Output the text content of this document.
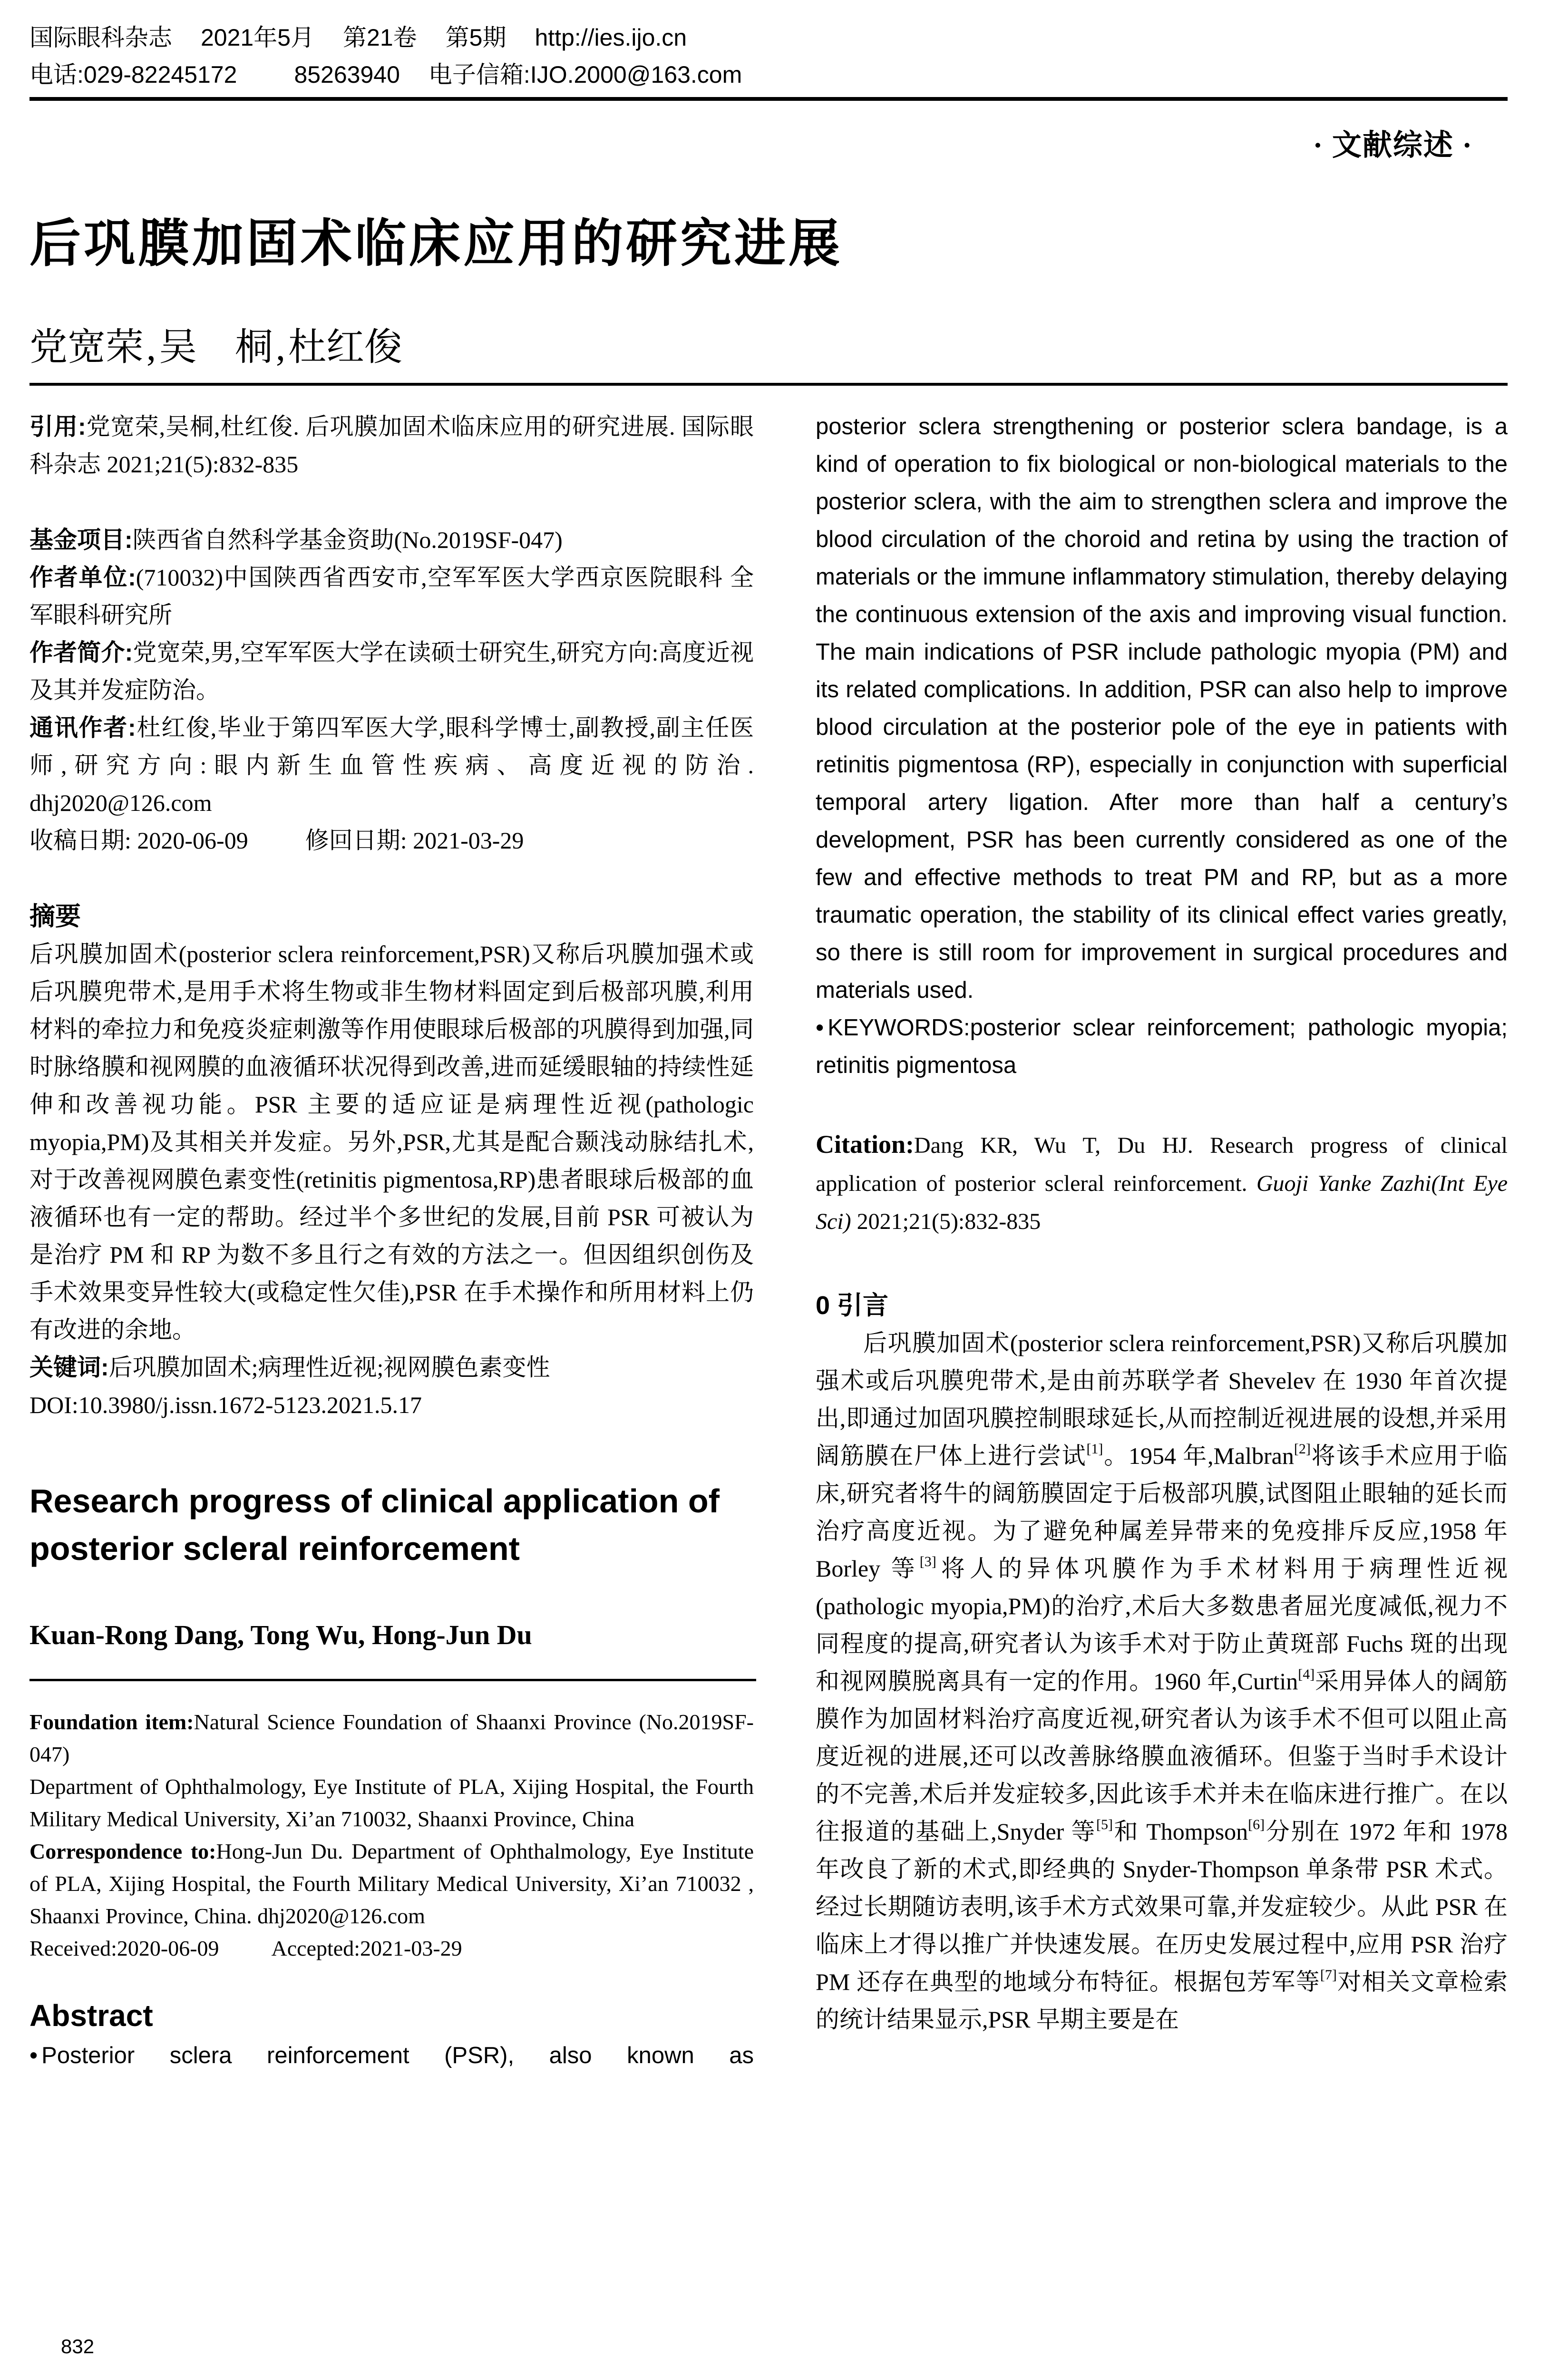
国际眼科杂志 2021年5月 第21卷 第5期 http://ies.ijo.cn
电话:029-82245172 85263940 电子信箱:IJO.2000@163.com
· 文献综述 ·
后巩膜加固术临床应用的研究进展
党宽荣,吴　桐,杜红俊

引用:党宽荣,吴桐,杜红俊. 后巩膜加固术临床应用的研究进展. 国际眼科杂志 2021;21(5):832-835

基金项目:陕西省自然科学基金资助(No.2019SF-047)

作者单位:(710032)中国陕西省西安市,空军军医大学西京医院眼科 全军眼科研究所

作者简介:党宽荣,男,空军军医大学在读硕士研究生,研究方向:高度近视及其并发症防治。

通讯作者:杜红俊,毕业于第四军医大学,眼科学博士,副教授,副主任医师,研究方向:眼内新生血管性疾病、高度近视的防治. dhj2020@126.com

收稿日期: 2020-06-09 修回日期: 2021-03-29

摘要

后巩膜加固术(posterior sclera reinforcement,PSR)又称后巩膜加强术或后巩膜兜带术,是用手术将生物或非生物材料固定到后极部巩膜,利用材料的牵拉力和免疫炎症刺激等作用使眼球后极部的巩膜得到加强,同时脉络膜和视网膜的血液循环状况得到改善,进而延缓眼轴的持续性延伸和改善视功能。PSR 主要的适应证是病理性近视(pathologic myopia,PM)及其相关并发症。另外,PSR,尤其是配合颞浅动脉结扎术,对于改善视网膜色素变性(retinitis pigmentosa,RP)患者眼球后极部的血液循环也有一定的帮助。经过半个多世纪的发展,目前 PSR 可被认为是治疗 PM 和 RP 为数不多且行之有效的方法之一。但因组织创伤及手术效果变异性较大(或稳定性欠佳),PSR 在手术操作和所用材料上仍有改进的余地。

关键词:后巩膜加固术;病理性近视;视网膜色素变性

DOI:10.3980/j.issn.1672-5123.2021.5.17

Research progress of clinical application of posterior scleral reinforcement

Kuan-Rong Dang, Tong Wu, Hong-Jun Du

Foundation item:Natural Science Foundation of Shaanxi Province (No.2019SF-047)

Department of Ophthalmology, Eye Institute of PLA, Xijing Hospital, the Fourth Military Medical University, Xi’an 710032, Shaanxi Province, China

Correspondence to:Hong-Jun Du. Department of Ophthalmology, Eye Institute of PLA, Xijing Hospital, the Fourth Military Medical University, Xi’an 710032 , Shaanxi Province, China. dhj2020@126.com

Received:2020-06-09 Accepted:2021-03-29

Abstract

• Posterior sclera reinforcement (PSR), also known as

posterior sclera strengthening or posterior sclera bandage, is a kind of operation to fix biological or non-biological materials to the posterior sclera, with the aim to strengthen sclera and improve the blood circulation of the choroid and retina by using the traction of materials or the immune inflammatory stimulation, thereby delaying the continuous extension of the axis and improving visual function. The main indications of PSR include pathologic myopia (PM) and its related complications. In addition, PSR can also help to improve blood circulation at the posterior pole of the eye in patients with retinitis pigmentosa (RP), especially in conjunction with superficial temporal artery ligation. After more than half a century’s development, PSR has been currently considered as one of the few and effective methods to treat PM and RP, but as a more traumatic operation, the stability of its clinical effect varies greatly, so there is still room for improvement in surgical procedures and materials used.

• KEYWORDS:posterior sclear reinforcement; pathologic myopia; retinitis pigmentosa

Citation:Dang KR, Wu T, Du HJ. Research progress of clinical application of posterior scleral reinforcement. Guoji Yanke Zazhi(Int Eye Sci) 2021;21(5):832-835

0 引言

后巩膜加固术(posterior sclera reinforcement,PSR)又称后巩膜加强术或后巩膜兜带术,是由前苏联学者 Shevelev 在 1930 年首次提出,即通过加固巩膜控制眼球延长,从而控制近视进展的设想,并采用阔筋膜在尸体上进行尝试[1]。1954 年,Malbran[2]将该手术应用于临床,研究者将牛的阔筋膜固定于后极部巩膜,试图阻止眼轴的延长而治疗高度近视。为了避免种属差异带来的免疫排斥反应,1958 年 Borley 等[3]将人的异体巩膜作为手术材料用于病理性近视(pathologic myopia,PM)的治疗,术后大多数患者屈光度减低,视力不同程度的提高,研究者认为该手术对于防止黄斑部 Fuchs 斑的出现和视网膜脱离具有一定的作用。1960 年,Curtin[4]采用异体人的阔筋膜作为加固材料治疗高度近视,研究者认为该手术不但可以阻止高度近视的进展,还可以改善脉络膜血液循环。但鉴于当时手术设计的不完善,术后并发症较多,因此该手术并未在临床进行推广。在以往报道的基础上,Snyder 等[5]和 Thompson[6]分别在 1972 年和 1978 年改良了新的术式,即经典的 Snyder-Thompson 单条带 PSR 术式。经过长期随访表明,该手术方式效果可靠,并发症较少。从此 PSR 在临床上才得以推广并快速发展。在历史发展过程中,应用 PSR 治疗 PM 还存在典型的地域分布特征。根据包芳军等[7]对相关文章检索的统计结果显示,PSR 早期主要是在

832
